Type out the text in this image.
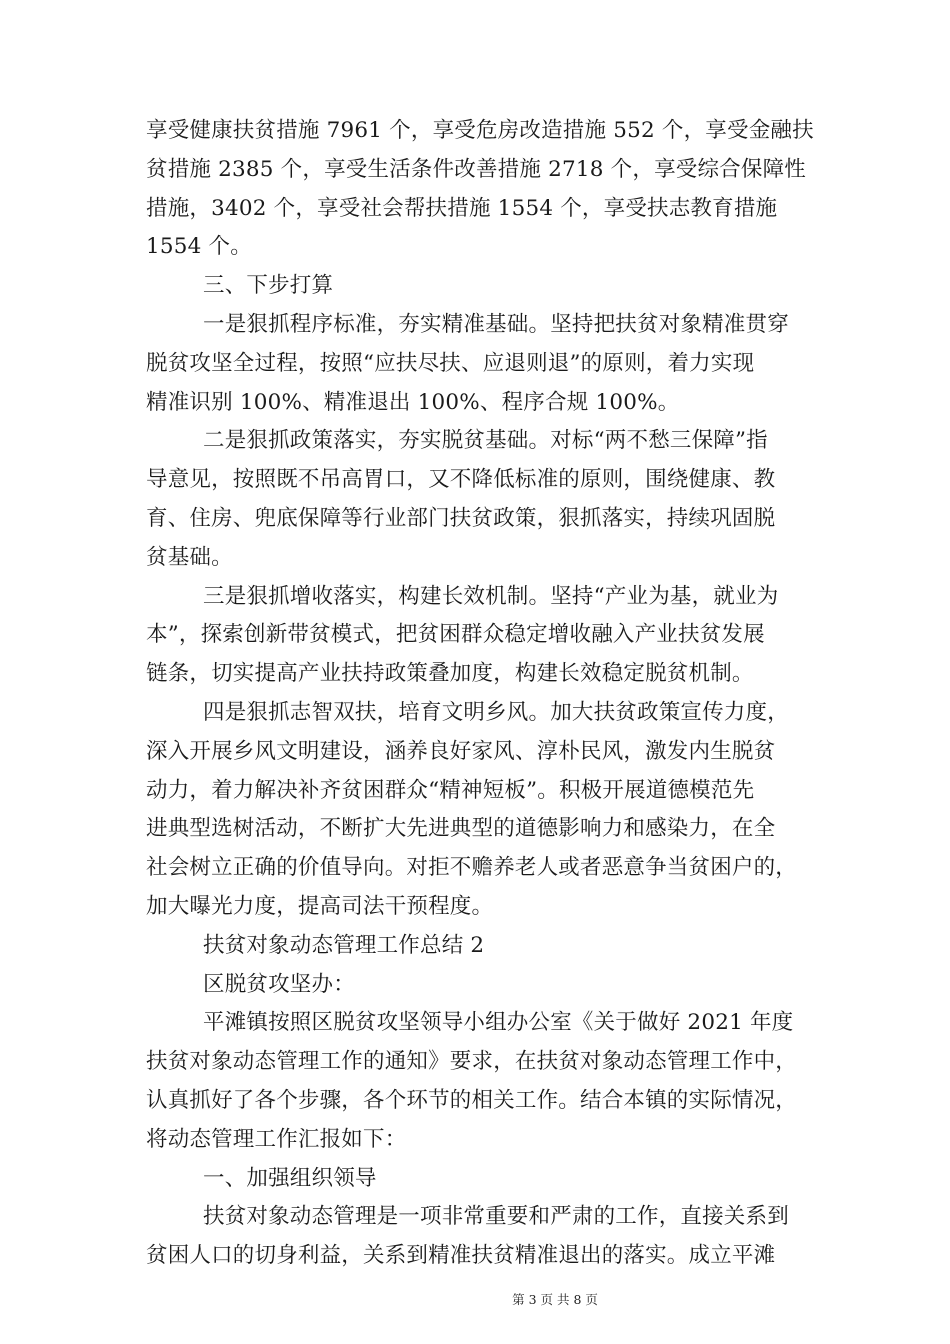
享受健康扶贫措施 7961 个，享受危房改造措施 552 个，享受金融扶
贫措施 2385 个，享受生活条件改善措施 2718 个，享受综合保障性
措施，3402 个，享受社会帮扶措施 1554 个，享受扶志教育措施
1554 个。
三、下步打算
一是狠抓程序标准，夯实精准基础。坚持把扶贫对象精准贯穿
脱贫攻坚全过程，按照“应扶尽扶、应退则退”的原则，着力实现
精准识别 100%、精准退出 100%、程序合规 100%。
二是狠抓政策落实，夯实脱贫基础。对标“两不愁三保障”指
导意见，按照既不吊高胃口，又不降低标准的原则，围绕健康、教
育、住房、兜底保障等行业部门扶贫政策，狠抓落实，持续巩固脱
贫基础。
三是狠抓增收落实，构建长效机制。坚持“产业为基，就业为
本”，探索创新带贫模式，把贫困群众稳定增收融入产业扶贫发展
链条，切实提高产业扶持政策叠加度，构建长效稳定脱贫机制。
四是狠抓志智双扶，培育文明乡风。加大扶贫政策宣传力度，
深入开展乡风文明建设，涵养良好家风、淳朴民风，激发内生脱贫
动力，着力解决补齐贫困群众“精神短板”。积极开展道德模范先
进典型选树活动，不断扩大先进典型的道德影响力和感染力，在全
社会树立正确的价值导向。对拒不赡养老人或者恶意争当贫困户的，
加大曝光力度，提高司法干预程度。
扶贫对象动态管理工作总结 2
区脱贫攻坚办：
平滩镇按照区脱贫攻坚领导小组办公室《关于做好 2021 年度
扶贫对象动态管理工作的通知》要求，在扶贫对象动态管理工作中，
认真抓好了各个步骤，各个环节的相关工作。结合本镇的实际情况，
将动态管理工作汇报如下：
一、加强组织领导
扶贫对象动态管理是一项非常重要和严肃的工作，直接关系到
贫困人口的切身利益，关系到精准扶贫精准退出的落实。成立平滩
第 3 页 共 8 页
